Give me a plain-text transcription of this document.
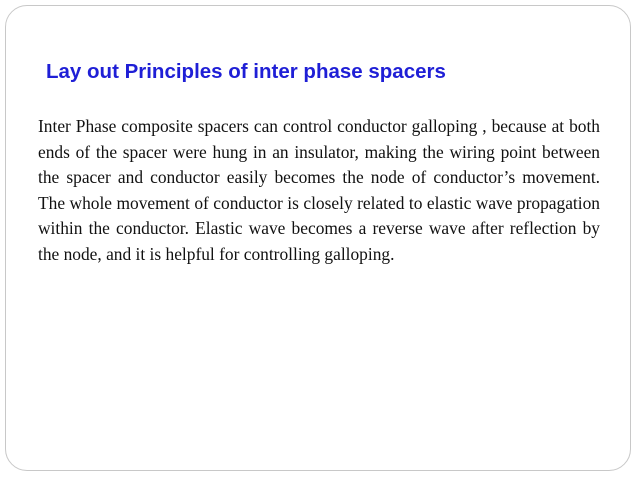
Lay out Principles of inter phase spacers

Inter Phase composite spacers can control conductor galloping , because at both ends of the spacer were hung in an insulator, making the wiring point between the spacer and conductor easily becomes the node of conductor’s movement. The whole movement of conductor is closely related to elastic wave propagation within the conductor. Elastic wave becomes a reverse wave after reflection by the node, and it is helpful for controlling galloping.
